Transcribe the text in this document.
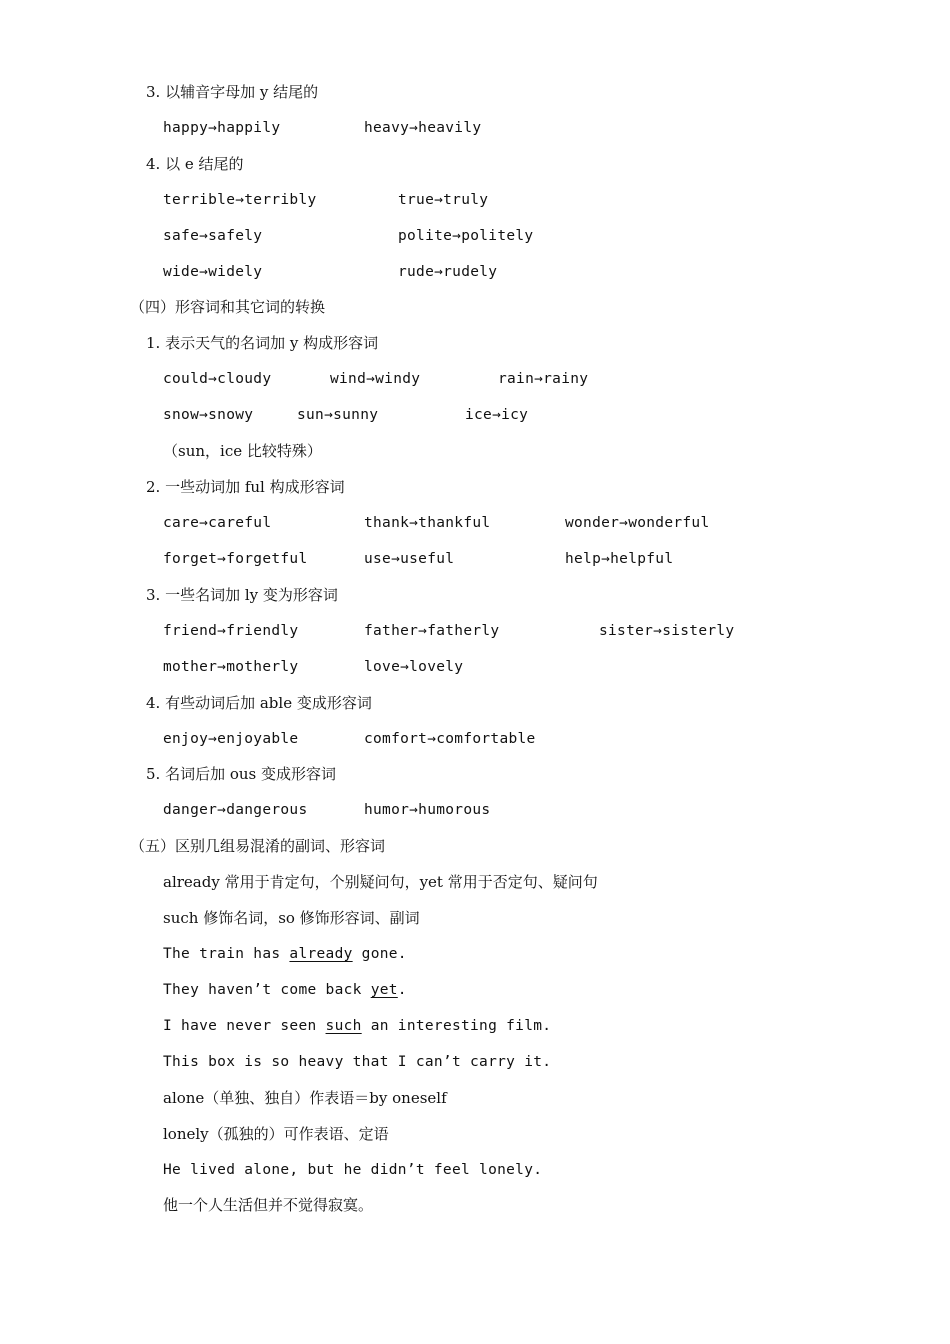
3. 以辅音字母加 y 结尾的
happy→happily	heavy→heavily
4. 以 e 结尾的
terrible→terribly	true→truly
safe→safely	polite→politely
wide→widely	rude→rudely
（四）形容词和其它词的转换
1. 表示天气的名词加 y 构成形容词
could→cloudy	wind→windy	rain→rainy
snow→snowy	sun→sunny	ice→icy
（sun，ice 比较特殊）
2. 一些动词加 ful 构成形容词
care→careful	thank→thankful	wonder→wonderful
forget→forgetful	use→useful	help→helpful
3. 一些名词加 ly 变为形容词
friend→friendly	father→fatherly	sister→sisterly
mother→motherly	love→lovely
4. 有些动词后加 able 变成形容词
enjoy→enjoyable	comfort→comfortable
5. 名词后加 ous 变成形容词
danger→dangerous	humor→humorous
（五）区别几组易混淆的副词、形容词
already 常用于肯定句，个别疑问句，yet 常用于否定句、疑问句
such 修饰名词，so 修饰形容词、副词
The train has already gone.
They haven’t come back yet.
I have never seen such an interesting film.
This box is so heavy that I can’t carry it.
alone（单独、独自）作表语＝by oneself
lonely（孤独的）可作表语、定语
He lived alone, but he didn’t feel lonely.
他一个人生活但并不觉得寂寞。
